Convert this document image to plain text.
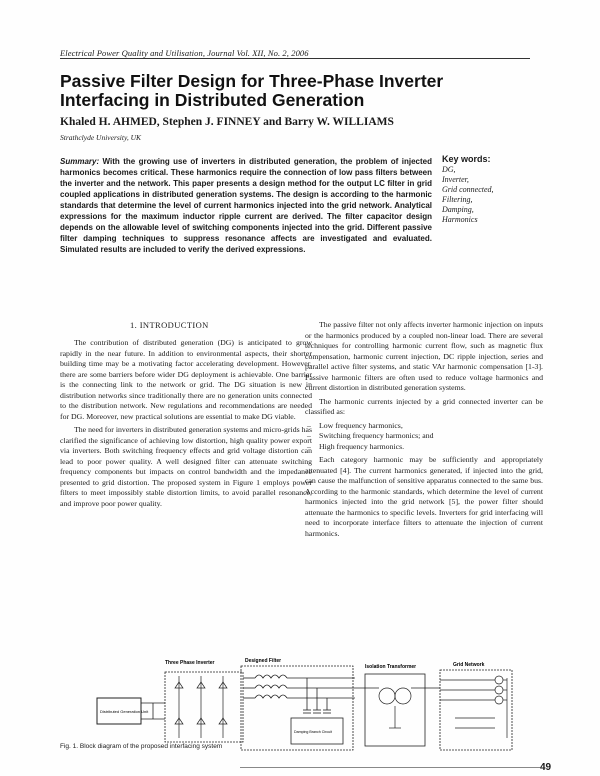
Electrical Power Quality and Utilisation, Journal Vol. XII, No. 2, 2006
Passive Filter Design for Three-Phase Inverter Interfacing in Distributed Generation
Khaled H. AHMED, Stephen J. FINNEY and Barry W. WILLIAMS
Strathclyde University, UK
Summary: With the growing use of inverters in distributed generation, the problem of injected harmonics becomes critical. These harmonics require the connection of low pass filters between the inverter and the network. This paper presents a design method for the output LC filter in grid coupled applications in distributed generation systems. The design is according to the harmonic standards that determine the level of current harmonics injected into the grid network. Analytical expressions for the maximum inductor ripple current are derived. The filter capacitor design depends on the allowable level of switching components injected into the grid. Different passive filter damping techniques to suppress resonance affects are investigated and evaluated. Simulated results are included to verify the derived expressions.
Key words:
DG,
Inverter,
Grid connected,
Filtering,
Damping,
Harmonics
1. INTRODUCTION

The contribution of distributed generation (DG) is anticipated to grow rapidly in the near future. In addition to environmental aspects, their shorter building time may be a motivating factor accelerating development. However, there are some barriers before wider DG deployment is achievable. One barrier is the connecting link to the network or grid. The DG situation is new in distribution networks since traditionally there are no generation units connected to the distribution network. New regulations and recommendations are needed for DG. Moreover, new practical solutions are essential to make DG viable.

The need for inverters in distributed generation systems and micro-grids has clarified the significance of achieving low distortion, high quality power export via inverters. Both switching frequency effects and grid voltage distortion can lead to poor power quality. A well designed filter can attenuate switching frequency components but impacts on control bandwidth and the impedance presented to grid distortion. The proposed system in Figure 1 employs power filters to meet impossibly stable distortion limits, to avoid parallel resonance, and improve poor power quality.

The passive filter not only affects inverter harmonic injection on inputs or the harmonics produced by a coupled non-linear load. There are several techniques for controlling harmonic current flow, such as magnetic flux compensation, harmonic current injection, DC ripple injection, series and parallel active filter systems, and static VAr harmonic compensation [1-3]. Passive harmonic filters are often used to reduce voltage harmonics and current distortion in distributed generation systems.

The harmonic currents injected by a grid connected inverter can be classified as:

– Low frequency harmonics,
– Switching frequency harmonics; and
– High frequency harmonics.

Each category harmonic may be sufficiently and appropriately attenuated [4]. The current harmonics generated, if injected into the grid, can cause the malfunction of sensitive apparatus connected to the same bus. According to the harmonic standards, which determine the level of current harmonics injected into the grid network [5], the power filter should attenuate the harmonics to specific levels. Inverters for grid interfacing will need to incorporate interface filters to attenuate the injection of current harmonics.

Three Phase Inverter	Designed Filter
Isolation Transformer	Grid Network
Distributed Generation Unit
Damping Branch Circuit
Fig. 1. Block diagram of the proposed interfacing system
49
